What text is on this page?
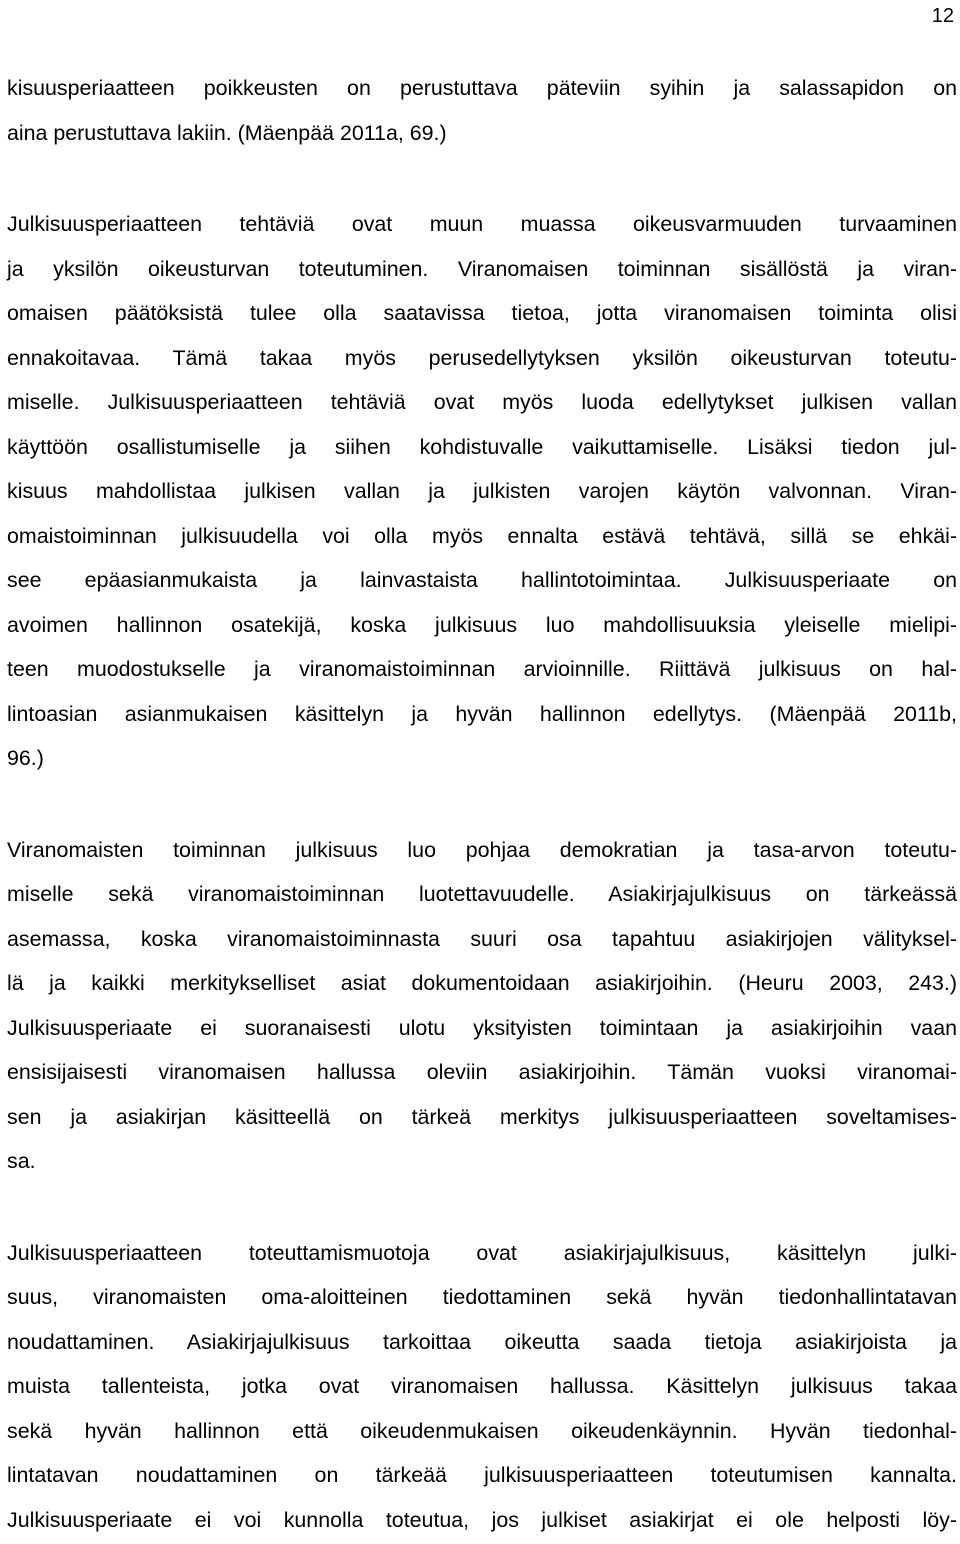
12
kisuusperiaatteen poikkeusten on perustuttava päteviin syihin ja salassapidon on
aina perustuttava lakiin. (Mäenpää 2011a, 69.)
Julkisuusperiaatteen tehtäviä ovat muun muassa oikeusvarmuuden turvaaminen
ja yksilön oikeusturvan toteutuminen. Viranomaisen toiminnan sisällöstä ja viran-
omaisen päätöksistä tulee olla saatavissa tietoa, jotta viranomaisen toiminta olisi
ennakoitavaa. Tämä takaa myös perusedellytyksen yksilön oikeusturvan toteutu-
miselle. Julkisuusperiaatteen tehtäviä ovat myös luoda edellytykset julkisen vallan
käyttöön osallistumiselle ja siihen kohdistuvalle vaikuttamiselle. Lisäksi tiedon jul-
kisuus mahdollistaa julkisen vallan ja julkisten varojen käytön valvonnan. Viran-
omaistoiminnan julkisuudella voi olla myös ennalta estävä tehtävä, sillä se ehkäi-
see epäasianmukaista ja lainvastaista hallintotoimintaa. Julkisuusperiaate on
avoimen hallinnon osatekijä, koska julkisuus luo mahdollisuuksia yleiselle mielipi-
teen muodostukselle ja viranomaistoiminnan arvioinnille. Riittävä julkisuus on hal-
lintoasian asianmukaisen käsittelyn ja hyvän hallinnon edellytys. (Mäenpää 2011b,
96.)
Viranomaisten toiminnan julkisuus luo pohjaa demokratian ja tasa-arvon toteutu-
miselle sekä viranomaistoiminnan luotettavuudelle. Asiakirjajulkisuus on tärkeässä
asemassa, koska viranomaistoiminnasta suuri osa tapahtuu asiakirjojen välityksel-
lä ja kaikki merkitykselliset asiat dokumentoidaan asiakirjoihin. (Heuru 2003, 243.)
Julkisuusperiaate ei suoranaisesti ulotu yksityisten toimintaan ja asiakirjoihin vaan
ensisijaisesti viranomaisen hallussa oleviin asiakirjoihin. Tämän vuoksi viranomai-
sen ja asiakirjan käsitteellä on tärkeä merkitys julkisuusperiaatteen soveltamises-
sa.
Julkisuusperiaatteen toteuttamismuotoja ovat asiakirjajulkisuus, käsittelyn julki-
suus, viranomaisten oma-aloitteinen tiedottaminen sekä hyvän tiedonhallintatavan
noudattaminen. Asiakirjajulkisuus tarkoittaa oikeutta saada tietoja asiakirjoista ja
muista tallenteista, jotka ovat viranomaisen hallussa. Käsittelyn julkisuus takaa
sekä hyvän hallinnon että oikeudenmukaisen oikeudenkäynnin. Hyvän tiedonhal-
lintatavan noudattaminen on tärkeää julkisuusperiaatteen toteutumisen kannalta.
Julkisuusperiaate ei voi kunnolla toteutua, jos julkiset asiakirjat ei ole helposti löy-
